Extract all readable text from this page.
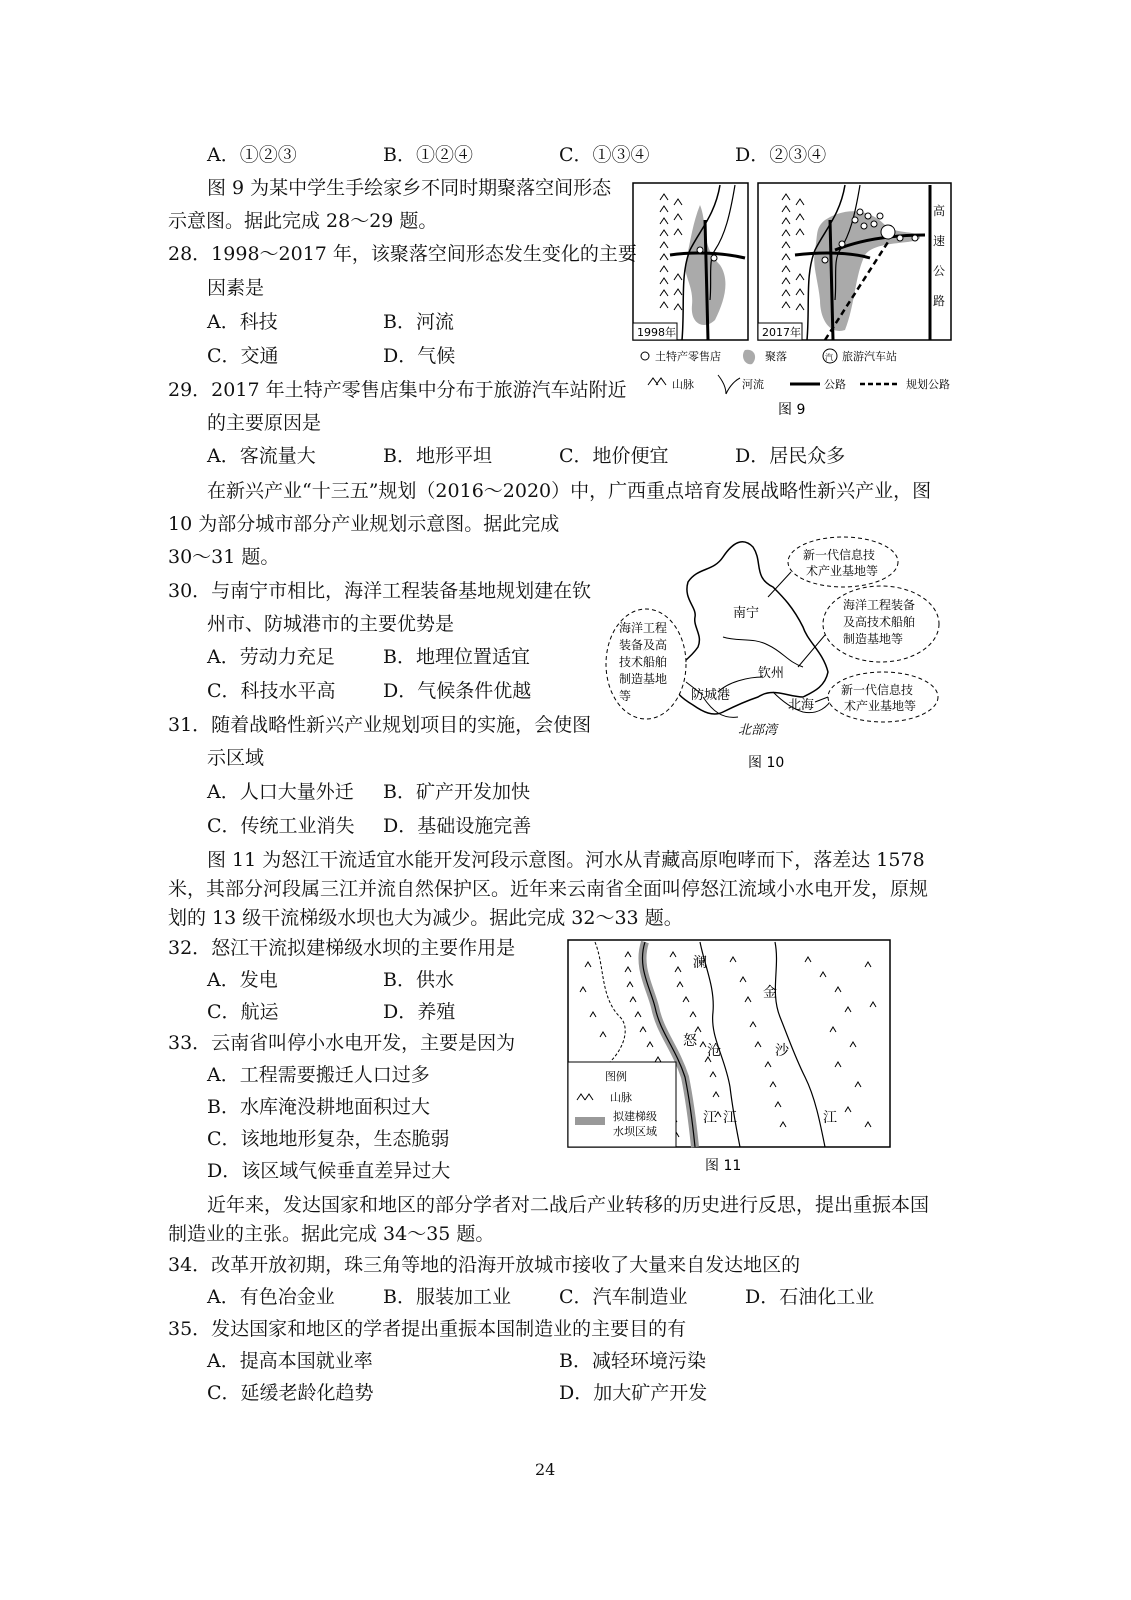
A．①②③	B．①②④	C．①③④	D．②③④
图 9 为某中学生手绘家乡不同时期聚落空间形态
示意图。据此完成 28～29 题。
28．1998～2017 年，该聚落空间形态发生变化的主要
因素是
A．科技	B．河流
C．交通	D．气候
29．2017 年土特产零售店集中分布于旅游汽车站附近
的主要原因是
A．客流量大	B．地形平坦	C．地价便宜	D．居民众多
1998年
高
速
公
路
2017年
土特产零售店	聚落	汽 旅游汽车站
山脉	河流	公路	规划公路
图 9
在新兴产业“十三五”规划（2016～2020）中，广西重点培育发展战略性新兴产业，图
10 为部分城市部分产业规划示意图。据此完成
30～31 题。
30．与南宁市相比，海洋工程装备基地规划建在钦
州市、防城港市的主要优势是
A．劳动力充足	B．地理位置适宜
C．科技水平高 D．气候条件优越
31．随着战略性新兴产业规划项目的实施，会使图
示区域
A．人口大量外迁 B．矿产开发加快
C．传统工业消失 D．基础设施完善
南宁
钦州
防城港
北海
北部湾
新一代信息技
术产业基地等
海洋工程装备
及高技术船舶
制造基地等
海洋工程
装备及高
技术船舶
制造基地
等	新一代信息技
术产业基地等
图 10
图 11 为怒江干流适宜水能开发河段示意图。河水从青藏高原咆哮而下，落差达 1578
米，其部分河段属三江并流自然保护区。近年来云南省全面叫停怒江流域小水电开发，原规
划的 13 级干流梯级水坝也大为减少。据此完成 32～33 题。
32．怒江干流拟建梯级水坝的主要作用是
A．发电	B．供水
C．航运	D．养殖
33．云南省叫停小水电开发，主要是因为
A．工程需要搬迁人口过多
B．水库淹没耕地面积过大
C．该地地形复杂，生态脆弱
D．该区域气候垂直差异过大
澜
沧
江
怒
江
金
沙
江
图例
山脉
拟建梯级
水坝区域
图 11
近年来，发达国家和地区的部分学者对二战后产业转移的历史进行反思，提出重振本国
制造业的主张。据此完成 34～35 题。
34．改革开放初期，珠三角等地的沿海开放城市接收了大量来自发达地区的
A．有色冶金业	B．服装加工业	C．汽车制造业	D．石油化工业
35．发达国家和地区的学者提出重振本国制造业的主要目的有
A．提高本国就业率	B．减轻环境污染
C．延缓老龄化趋势	D．加大矿产开发
24
